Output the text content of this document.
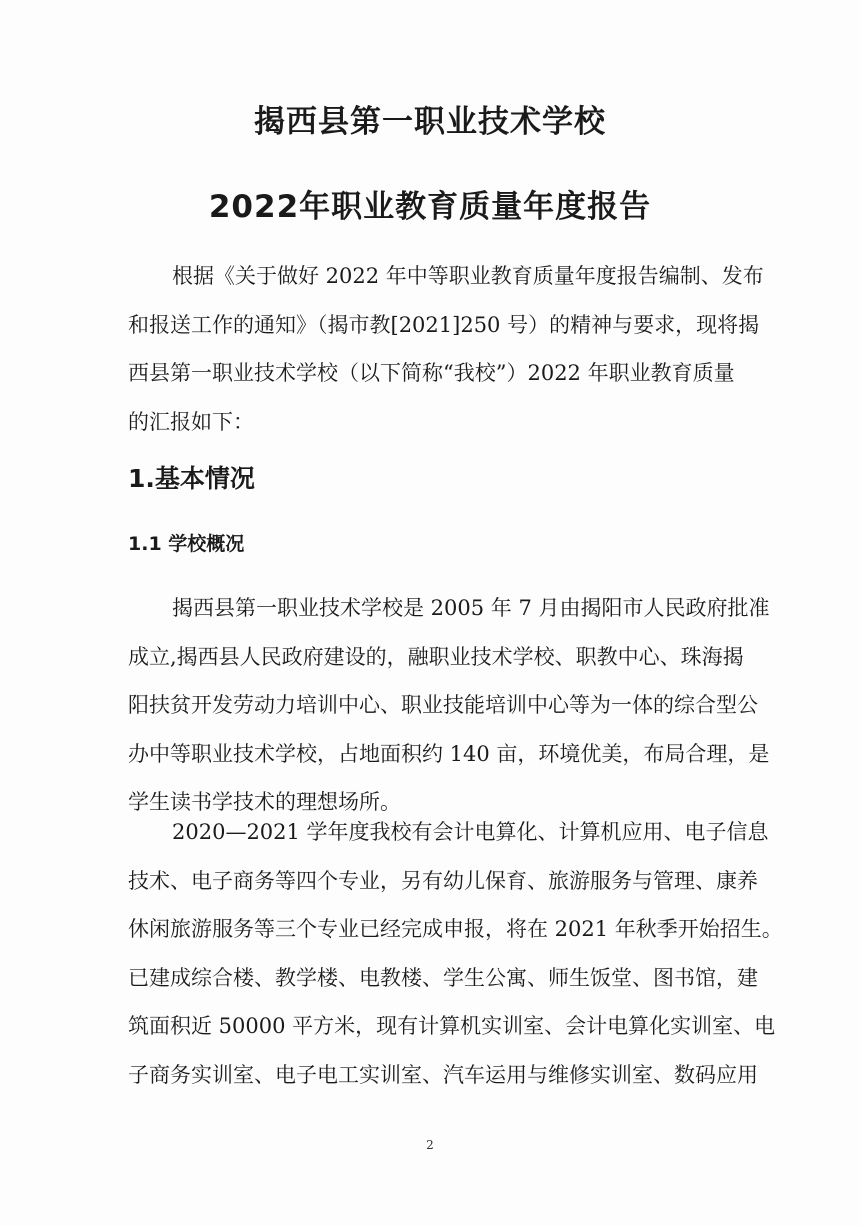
揭西县第一职业技术学校
2022年职业教育质量年度报告
根据《关于做好 2022 年中等职业教育质量年度报告编制、发布
和报送工作的通知》（揭市教[2021]250 号）的精神与要求，现将揭
西县第一职业技术学校（以下简称“我校”）2022 年职业教育质量
的汇报如下：
1.基本情况
1.1 学校概况
揭西县第一职业技术学校是 2005 年 7 月由揭阳市人民政府批准
成立,揭西县人民政府建设的，融职业技术学校、职教中心、珠海揭
阳扶贫开发劳动力培训中心、职业技能培训中心等为一体的综合型公
办中等职业技术学校，占地面积约 140 亩，环境优美，布局合理，是
学生读书学技术的理想场所。
2020—2021 学年度我校有会计电算化、计算机应用、电子信息
技术、电子商务等四个专业，另有幼儿保育、旅游服务与管理、康养
休闲旅游服务等三个专业已经完成申报，将在 2021 年秋季开始招生。
已建成综合楼、教学楼、电教楼、学生公寓、师生饭堂、图书馆，建
筑面积近 50000 平方米，现有计算机实训室、会计电算化实训室、电
子商务实训室、电子电工实训室、汽车运用与维修实训室、数码应用
2
